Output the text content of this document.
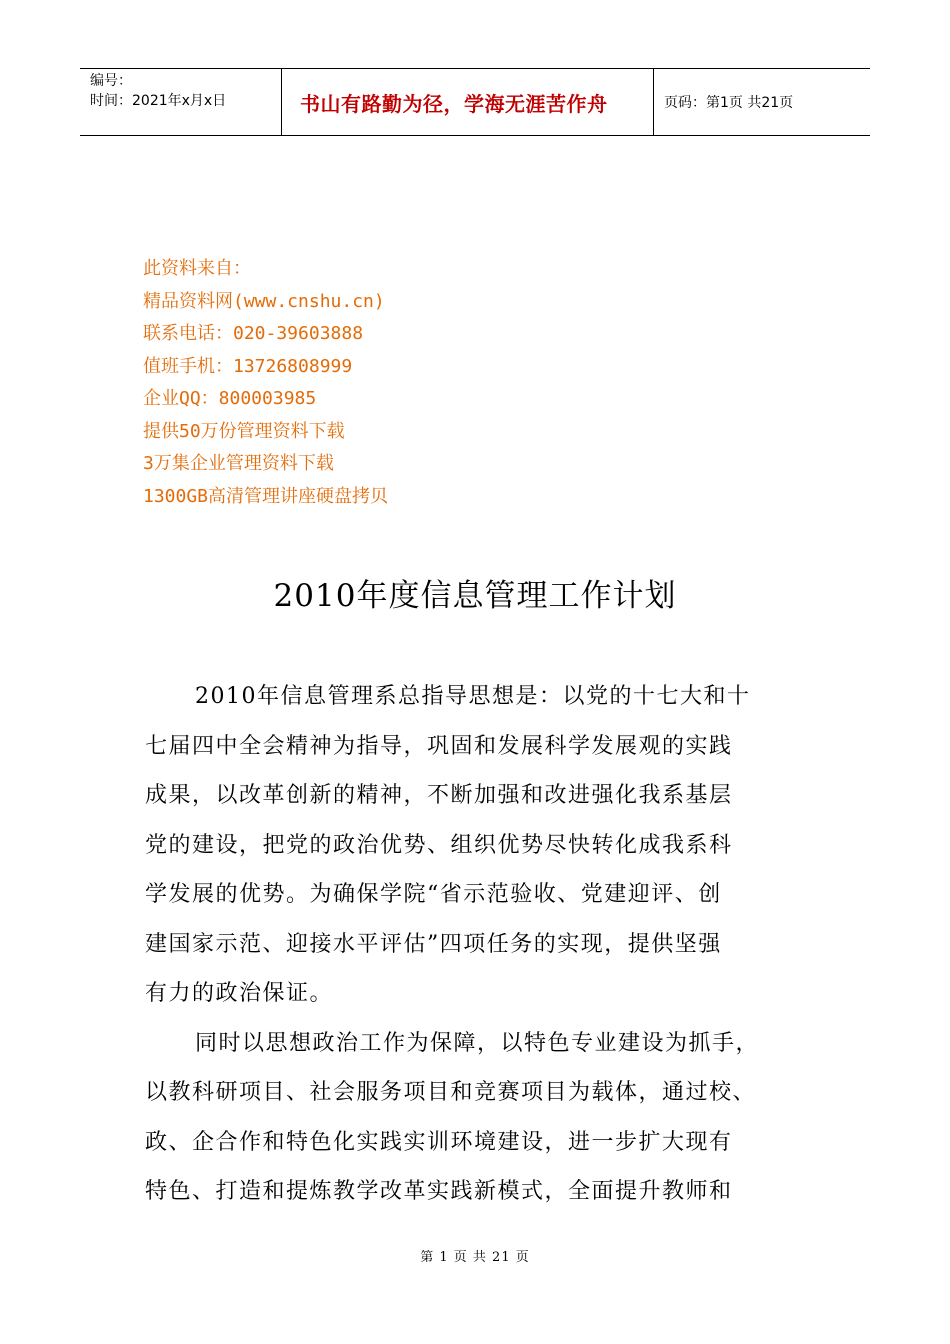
编号：
时间：2021年x月x日	书山有路勤为径，学海无涯苦作舟	页码：第1页 共21页
此资料来自：
精品资料网(www.cnshu.cn)
联系电话：020-39603888
值班手机：13726808999
企业QQ：800003985
提供50万份管理资料下载
3万集企业管理资料下载
1300GB高清管理讲座硬盘拷贝
2010年度信息管理工作计划
2010年信息管理系总指导思想是：以党的十七大和十
七届四中全会精神为指导，巩固和发展科学发展观的实践
成果，以改革创新的精神，不断加强和改进强化我系基层
党的建设，把党的政治优势、组织优势尽快转化成我系科
学发展的优势。为确保学院“省示范验收、党建迎评、创
建国家示范、迎接水平评估”四项任务的实现，提供坚强
有力的政治保证。
同时以思想政治工作为保障，以特色专业建设为抓手，
以教科研项目、社会服务项目和竞赛项目为载体，通过校、
政、企合作和特色化实践实训环境建设，进一步扩大现有
特色、打造和提炼教学改革实践新模式，全面提升教师和
第 1 页 共 21 页
